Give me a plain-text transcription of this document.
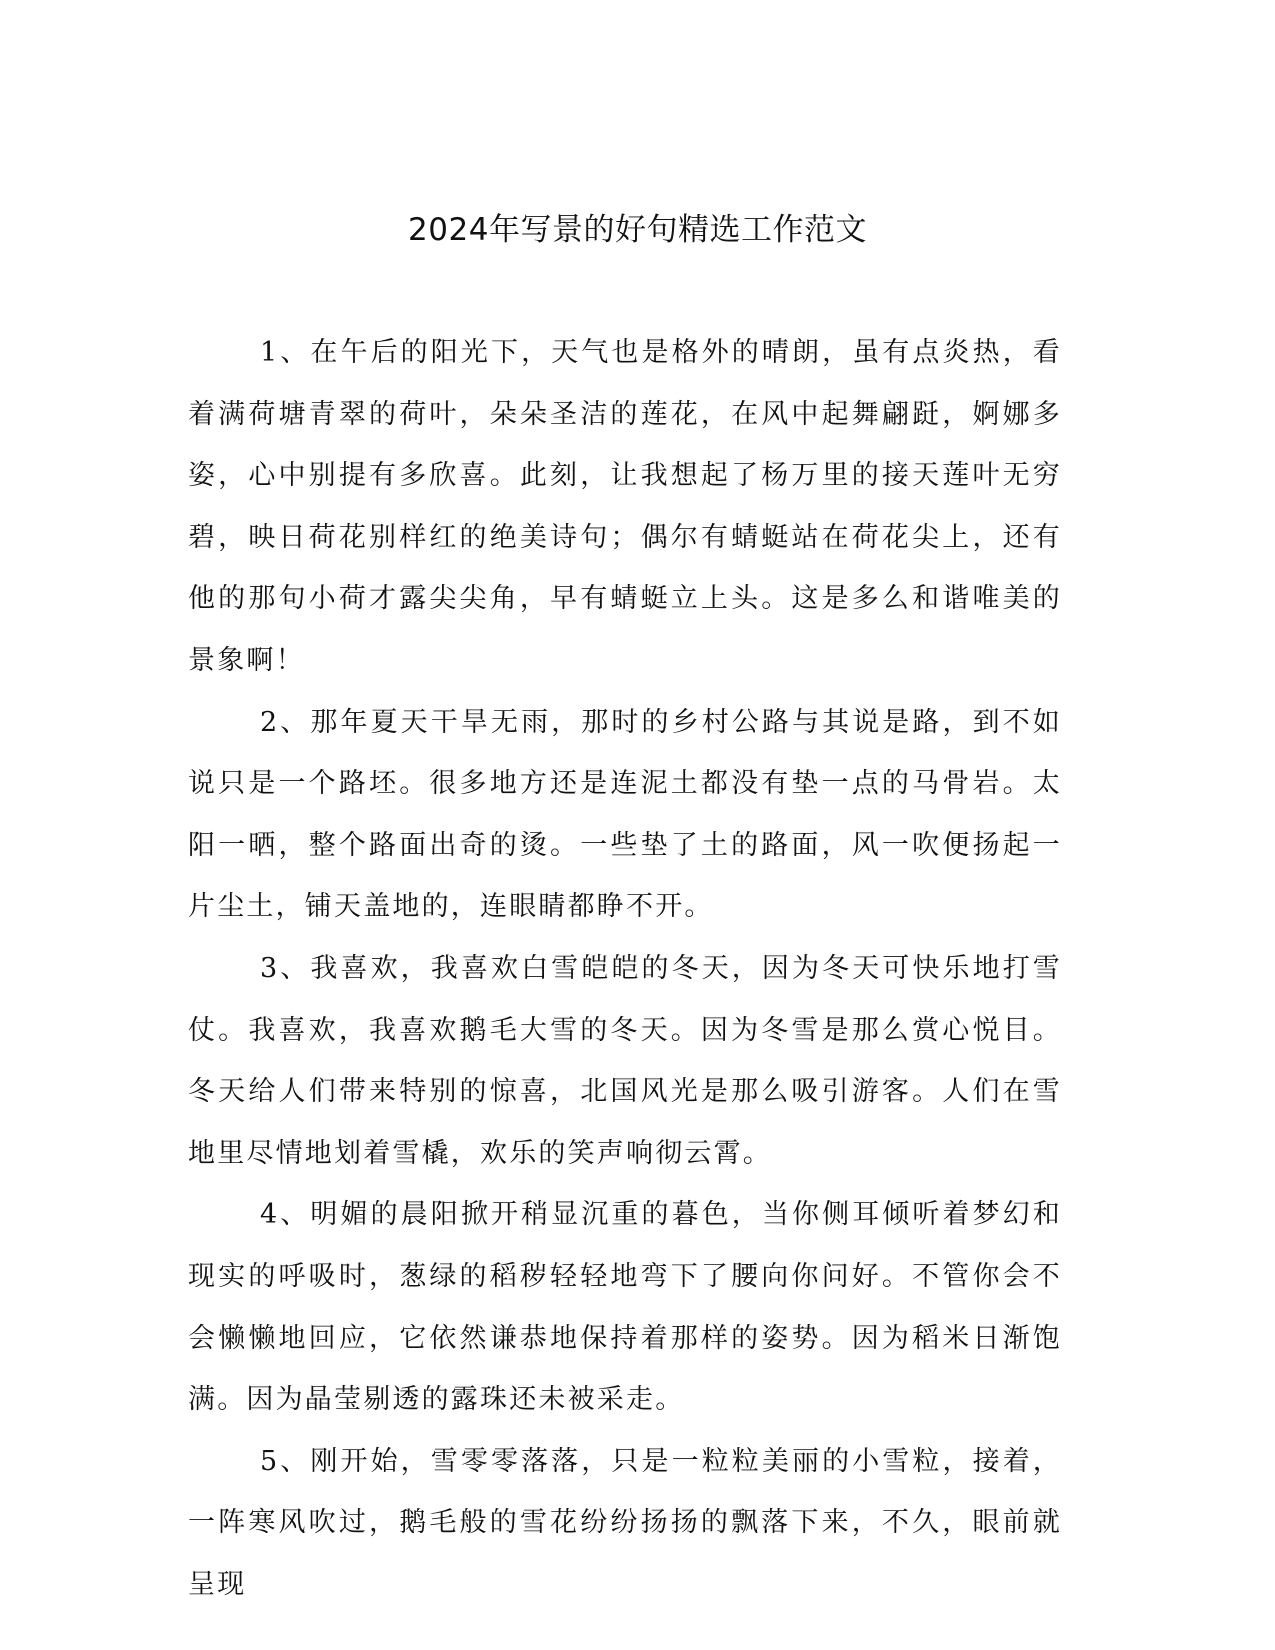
2024年写景的好句精选工作范文

1、在午后的阳光下，天气也是格外的晴朗，虽有点炎热，看着满荷塘青翠的荷叶，朵朵圣洁的莲花，在风中起舞翩跹，婀娜多姿，心中别提有多欣喜。此刻，让我想起了杨万里的接天莲叶无穷碧，映日荷花别样红的绝美诗句；偶尔有蜻蜓站在荷花尖上，还有他的那句小荷才露尖尖角，早有蜻蜓立上头。这是多么和谐唯美的景象啊！

2、那年夏天干旱无雨，那时的乡村公路与其说是路，到不如说只是一个路坯。很多地方还是连泥土都没有垫一点的马骨岩。太阳一晒，整个路面出奇的烫。一些垫了土的路面，风一吹便扬起一片尘土，铺天盖地的，连眼睛都睁不开。

3、我喜欢，我喜欢白雪皑皑的冬天，因为冬天可快乐地打雪仗。我喜欢，我喜欢鹅毛大雪的冬天。因为冬雪是那么赏心悦目。冬天给人们带来特别的惊喜，北国风光是那么吸引游客。人们在雪地里尽情地划着雪橇，欢乐的笑声响彻云霄。

4、明媚的晨阳掀开稍显沉重的暮色，当你侧耳倾听着梦幻和现实的呼吸时，葱绿的稻秽轻轻地弯下了腰向你问好。不管你会不会懒懒地回应，它依然谦恭地保持着那样的姿势。因为稻米日渐饱满。因为晶莹剔透的露珠还未被采走。

5、刚开始，雪零零落落，只是一粒粒美丽的小雪粒，接着，一阵寒风吹过，鹅毛般的雪花纷纷扬扬的飘落下来，不久，眼前就呈现
